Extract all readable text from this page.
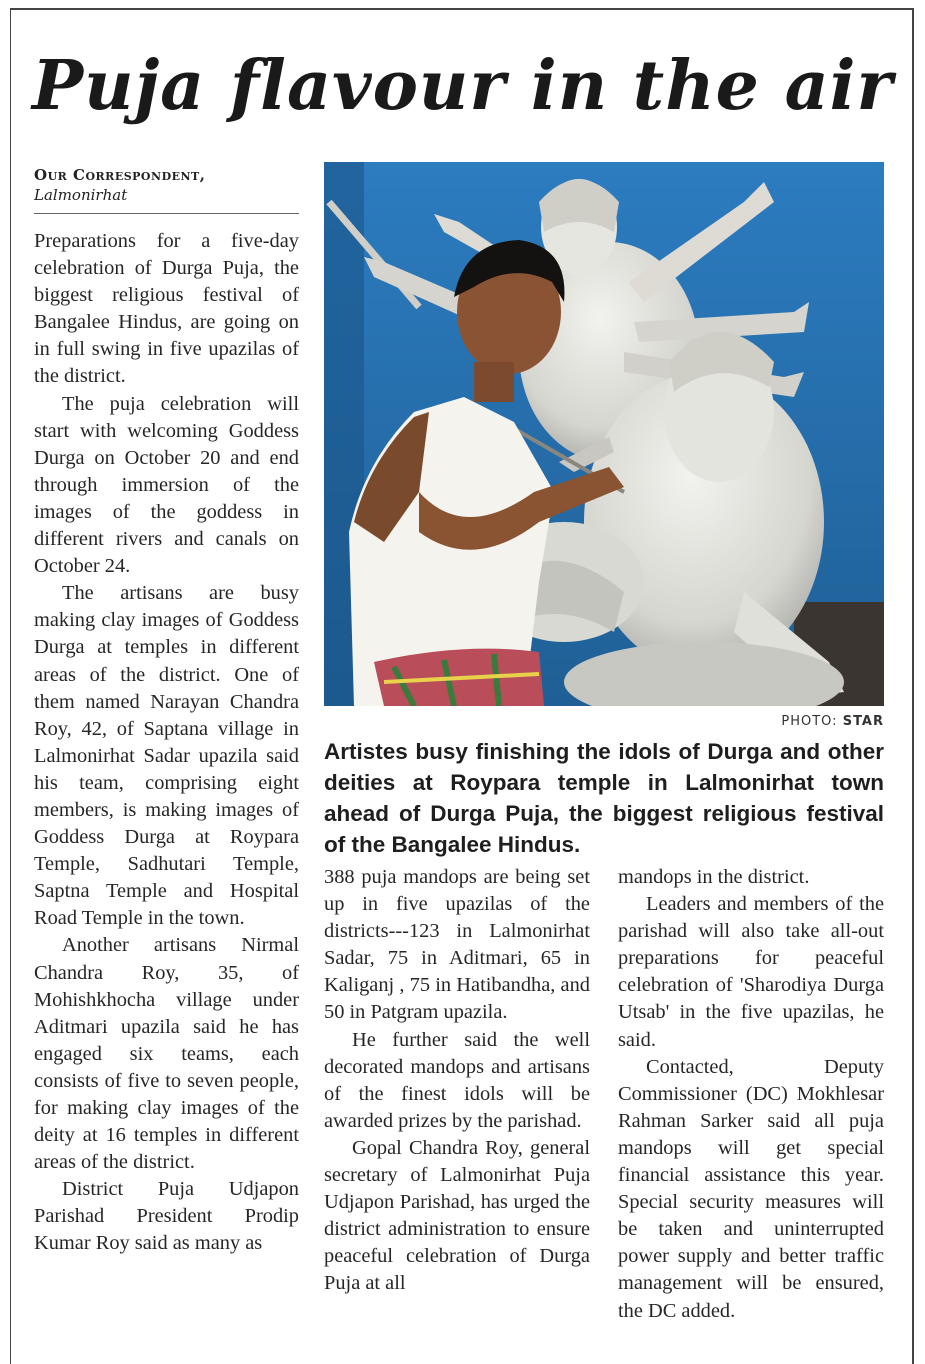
Puja flavour in the air
Our Correspondent,
Lalmonirhat

Preparations for a five-day celebration of Durga Puja, the biggest religious festival of Bangalee Hindus, are going on in full swing in five upazilas of the district.

The puja celebration will start with welcoming Goddess Durga on October 20 and end through immersion of the images of the goddess in different rivers and canals on October 24.

The artisans are busy making clay images of Goddess Durga at temples in different areas of the district. One of them named Narayan Chandra Roy, 42, of Saptana village in Lalmonirhat Sadar upazila said his team, comprising eight members, is making images of Goddess Durga at Roypara Temple, Sadhutari Temple, Saptna Temple and Hospital Road Temple in the town.

Another artisans Nirmal Chandra Roy, 35, of Mohishkhocha village under Aditmari upazila said he has engaged six teams, each consists of five to seven people, for making clay images of the deity at 16 temples in different areas of the district.

District Puja Udjapon Parishad President Prodip Kumar Roy said as many as

PHOTO: STAR

Artistes busy finishing the idols of Durga and other deities at Roypara temple in Lalmonirhat town ahead of Durga Puja, the biggest religious festival of the Bangalee Hindus.

388 puja mandops are being set up in five upazilas of the districts---123 in Lalmonirhat Sadar, 75 in Aditmari, 65 in Kaliganj , 75 in Hatibandha, and 50 in Patgram upazila.

He further said the well decorated mandops and artisans of the finest idols will be awarded prizes by the parishad.

Gopal Chandra Roy, general secretary of Lalmonirhat Puja Udjapon Parishad, has urged the district administration to ensure peaceful celebration of Durga Puja at all

mandops in the district.

Leaders and members of the parishad will also take all-out preparations for peaceful celebration of 'Sharodiya Durga Utsab' in the five upazilas, he said.

Contacted, Deputy Commissioner (DC) Mokhlesar Rahman Sarker said all puja mandops will get special financial assistance this year. Special security measures will be taken and uninterrupted power supply and better traffic management will be ensured, the DC added.
